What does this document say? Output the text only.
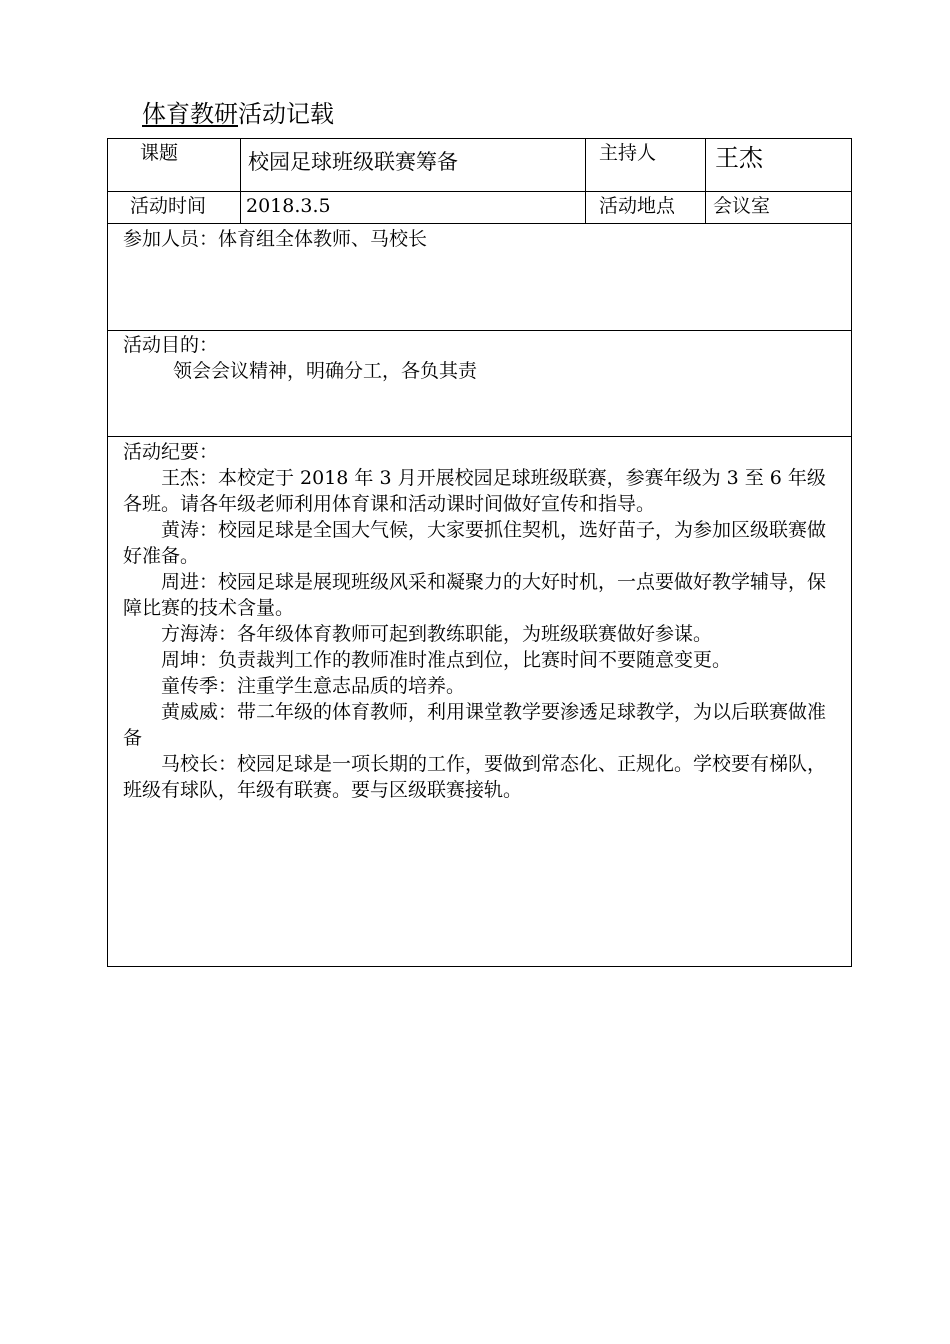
体育教研活动记载
课题	校园足球班级联赛筹备	主持人 王杰
活动时间 2018.3.5	活动地点 会议室

参加人员：体育组全体教师、马校长

活动目的：

领会会议精神，明确分工，各负其责

活动纪要：

王杰：本校定于 2018 年 3 月开展校园足球班级联赛，参赛年级为 3 至 6 年级各班。请各年级老师利用体育课和活动课时间做好宣传和指导。

黄涛：校园足球是全国大气候，大家要抓住契机，选好苗子，为参加区级联赛做好准备。

周进：校园足球是展现班级风采和凝聚力的大好时机，一点要做好教学辅导，保障比赛的技术含量。

方海涛：各年级体育教师可起到教练职能，为班级联赛做好参谋。

周坤：负责裁判工作的教师准时准点到位，比赛时间不要随意变更。

童传季：注重学生意志品质的培养。

黄威威：带二年级的体育教师，利用课堂教学要渗透足球教学，为以后联赛做准备

马校长：校园足球是一项长期的工作，要做到常态化、正规化。学校要有梯队，班级有球队，年级有联赛。要与区级联赛接轨。
